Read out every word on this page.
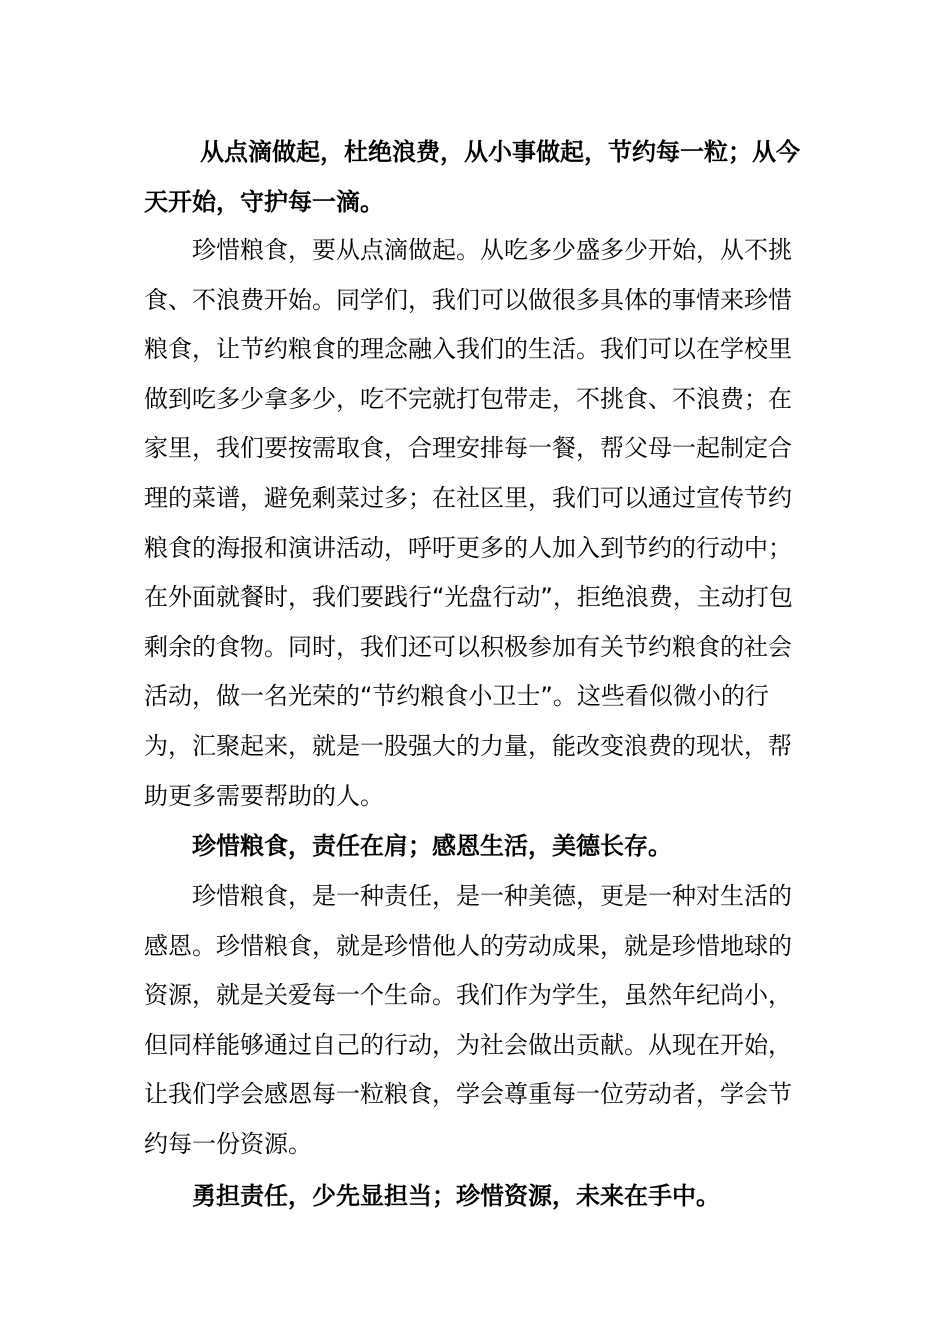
从点滴做起，杜绝浪费，从小事做起，节约每一粒；从今天开始，守护每一滴。

珍惜粮食，要从点滴做起。从吃多少盛多少开始，从不挑食、不浪费开始。同学们，我们可以做很多具体的事情来珍惜粮食，让节约粮食的理念融入我们的生活。我们可以在学校里做到吃多少拿多少，吃不完就打包带走，不挑食、不浪费；在家里，我们要按需取食，合理安排每一餐，帮父母一起制定合理的菜谱，避免剩菜过多；在社区里，我们可以通过宣传节约粮食的海报和演讲活动，呼吁更多的人加入到节约的行动中；在外面就餐时，我们要践行“光盘行动”，拒绝浪费，主动打包剩余的食物。同时，我们还可以积极参加有关节约粮食的社会活动，做一名光荣的“节约粮食小卫士”。这些看似微小的行为，汇聚起来，就是一股强大的力量，能改变浪费的现状，帮助更多需要帮助的人。

珍惜粮食，责任在肩；感恩生活，美德长存。

珍惜粮食，是一种责任，是一种美德，更是一种对生活的感恩。珍惜粮食，就是珍惜他人的劳动成果，就是珍惜地球的资源，就是关爱每一个生命。我们作为学生，虽然年纪尚小，但同样能够通过自己的行动，为社会做出贡献。从现在开始，让我们学会感恩每一粒粮食，学会尊重每一位劳动者，学会节约每一份资源。

勇担责任，少先显担当；珍惜资源，未来在手中。
